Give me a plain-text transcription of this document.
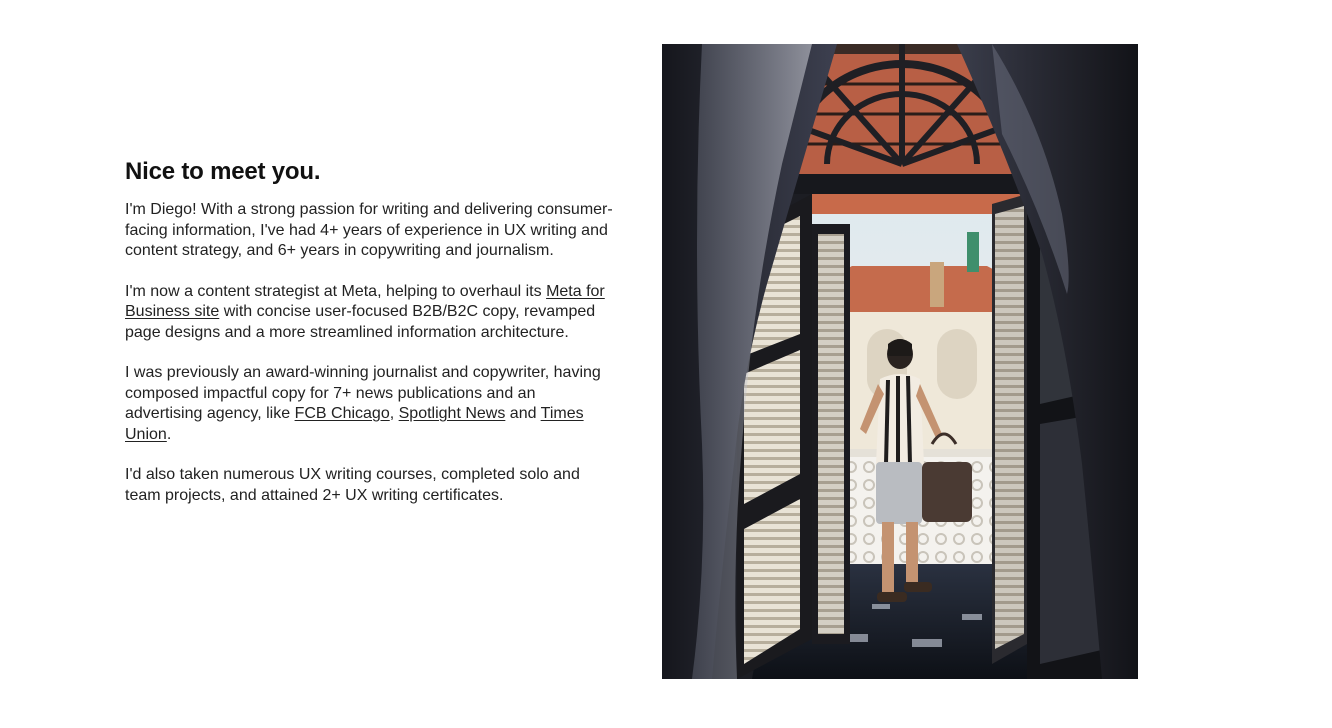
Nice to meet you.

I'm Diego! With a strong passion for writing and delivering consumer-facing information, I've had 4+ years of experience in UX writing and content strategy, and 6+ years in copywriting and journalism.

I'm now a content strategist at Meta, helping to overhaul its Meta for Business site with concise user-focused B2B/B2C copy, revamped page designs and a more streamlined information architecture.

I was previously an award-winning journalist and copywriter, having composed impactful copy for 7+ news publications and an advertising agency, like FCB Chicago, Spotlight News and Times Union.

I'd also taken numerous UX writing courses, completed solo and team projects, and attained 2+ UX writing certificates.
